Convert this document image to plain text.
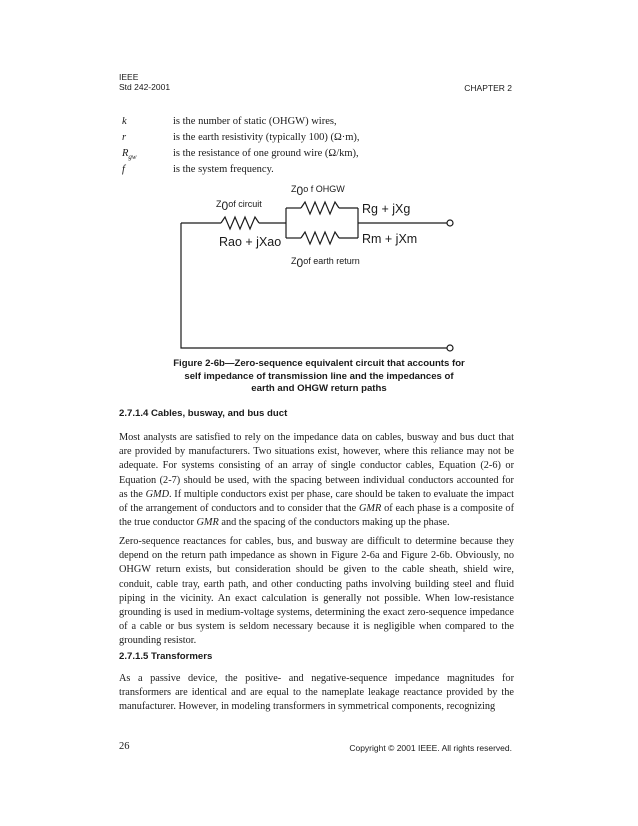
IEEE
Std 242-2001	CHAPTER 2
k	is the number of static (OHGW) wires,
r	is the earth resistivity (typically 100) (Ω·m),
$R_{gw}$	is the resistance of one ground wire (Ω/km),
f	is the system frequency.
Z0of circuit
Z0o f OHGW
Z0of earth return
Rg + jXg
Rm + jXm
Rao + jXao
Figure 2-6b—Zero-sequence equivalent circuit that accounts for
self impedance of transmission line and the impedances of
earth and OHGW return paths
2.7.1.4 Cables, busway, and bus duct

Most analysts are satisfied to rely on the impedance data on cables, busway and bus duct that are provided by manufacturers. Two situations exist, however, where this reliance may not be adequate. For systems consisting of an array of single conductor cables, Equation (2-6) or Equation (2-7) should be used, with the spacing between individual conductors accounted for as the GMD. If multiple conductors exist per phase, care should be taken to evaluate the impact of the arrangement of conductors and to consider that the GMR of each phase is a composite of the true conductor GMR and the spacing of the conductors making up the phase.

Zero-sequence reactances for cables, bus, and busway are difficult to determine because they depend on the return path impedance as shown in Figure 2-6a and Figure 2-6b. Obviously, no OHGW return exists, but consideration should be given to the cable sheath, shield wire, conduit, cable tray, earth path, and other conducting paths involving building steel and fluid piping in the vicinity. An exact calculation is generally not possible. When low-resistance grounding is used in medium-voltage systems, determining the exact zero-sequence impedance of a cable or bus system is seldom necessary because it is negligible when compared to the grounding resistor.

2.7.1.5 Transformers

As a passive device, the positive- and negative-sequence impedance magnitudes for transformers are identical and are equal to the nameplate leakage reactance provided by the manufacturer. However, in modeling transformers in symmetrical components, recognizing

26	Copyright © 2001 IEEE. All rights reserved.
